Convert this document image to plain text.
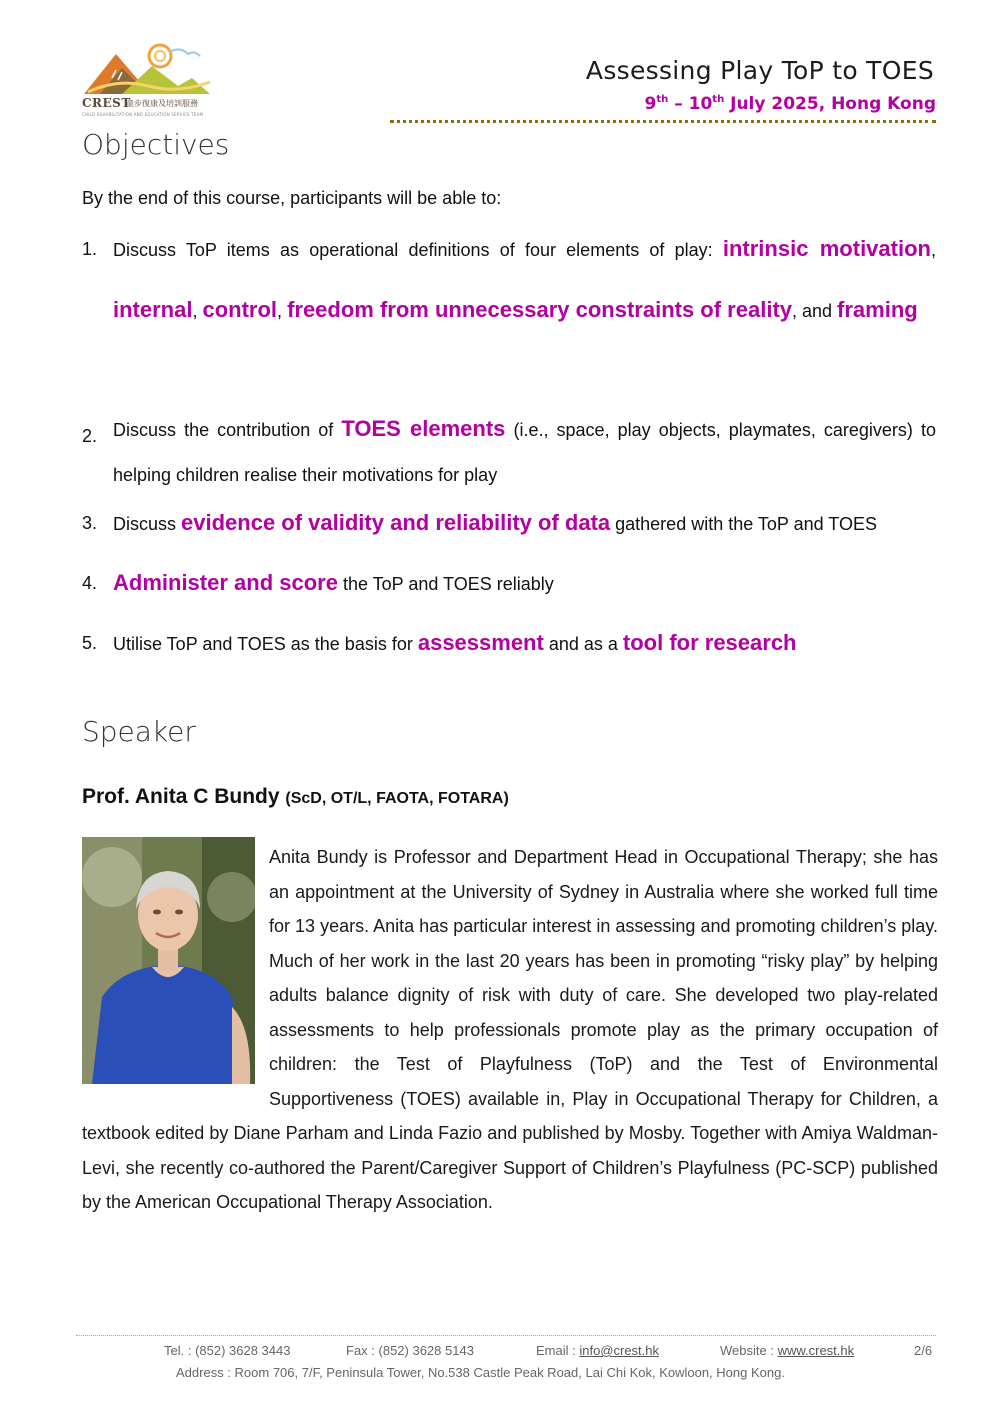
CREST
童步復康及培訓服務
CHILD REHABILITATION AND EDUCATION SERVICE TEAM
Assessing Play ToP to TOES
9th – 10th July 2025, Hong Kong
Objectives
By the end of this course, participants will be able to:
1. Discuss ToP items as operational definitions of four elements of play: intrinsic motivation, internal, control, freedom from unnecessary constraints of reality, and framing
2. Discuss the contribution of TOES elements (i.e., space, play objects, playmates, caregivers) to helping children realise their motivations for play
3. Discuss evidence of validity and reliability of data gathered with the ToP and TOES
4. Administer and score the ToP and TOES reliably
5. Utilise ToP and TOES as the basis for assessment and as a tool for research
Speaker
Prof. Anita C Bundy (ScD, OT/L, FAOTA, FOTARA)
Anita Bundy is Professor and Department Head in Occupational Therapy; she has an appointment at the University of Sydney in Australia where she worked full time for 13 years. Anita has particular interest in assessing and promoting children’s play. Much of her work in the last 20 years has been in promoting “risky play” by helping adults balance dignity of risk with duty of care. She developed two play-related assessments to help professionals promote play as the primary occupation of children: the Test of Playfulness (ToP) and the Test of Environmental Supportiveness (TOES) available in, Play in Occupational Therapy for Children, a textbook edited by Diane Parham and Linda Fazio and published by Mosby. Together with Amiya Waldman-Levi, she recently co-authored the Parent/Caregiver Support of Children’s Playfulness (PC-SCP) published by the American Occupational Therapy Association.
Tel. : (852) 3628 3443	Fax : (852) 3628 5143	Email : info@crest.hk	Website : www.crest.hk	2/6
Address : Room 706, 7/F, Peninsula Tower, No.538 Castle Peak Road, Lai Chi Kok, Kowloon, Hong Kong.
